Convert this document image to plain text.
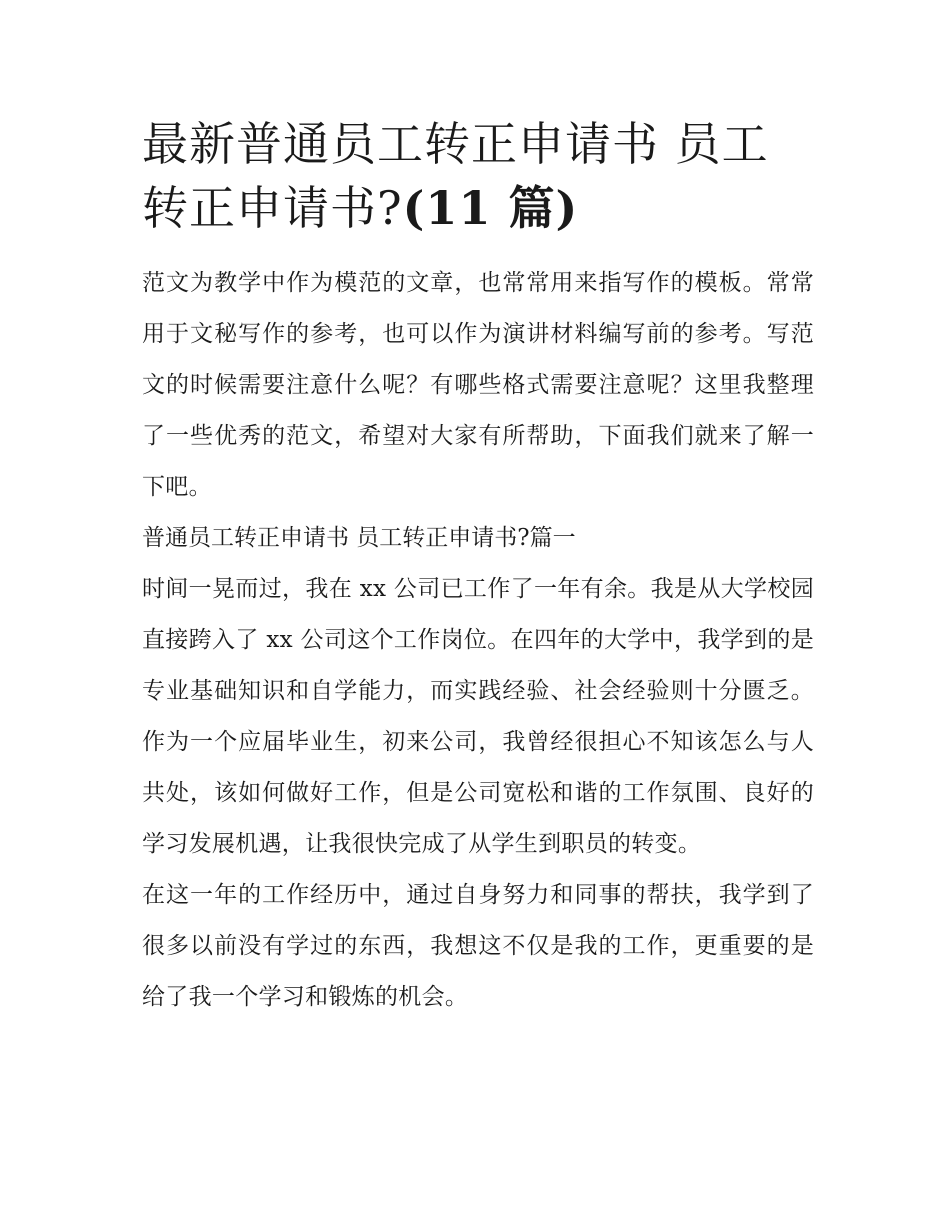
最新普通员工转正申请书 员工
转正申请书?(11 篇)

范文为教学中作为模范的文章，也常常用来指写作的模板。常常用于文秘写作的参考，也可以作为演讲材料编写前的参考。写范文的时候需要注意什么呢？有哪些格式需要注意呢？这里我整理了一些优秀的范文，希望对大家有所帮助，下面我们就来了解一下吧。

普通员工转正申请书 员工转正申请书?篇一

时间一晃而过，我在 xx 公司已工作了一年有余。我是从大学校园直接跨入了 xx 公司这个工作岗位。在四年的大学中，我学到的是专业基础知识和自学能力，而实践经验、社会经验则十分匮乏。作为一个应届毕业生，初来公司，我曾经很担心不知该怎么与人共处，该如何做好工作，但是公司宽松和谐的工作氛围、良好的学习发展机遇，让我很快完成了从学生到职员的转变。

在这一年的工作经历中，通过自身努力和同事的帮扶，我学到了很多以前没有学过的东西，我想这不仅是我的工作，更重要的是给了我一个学习和锻炼的机会。
